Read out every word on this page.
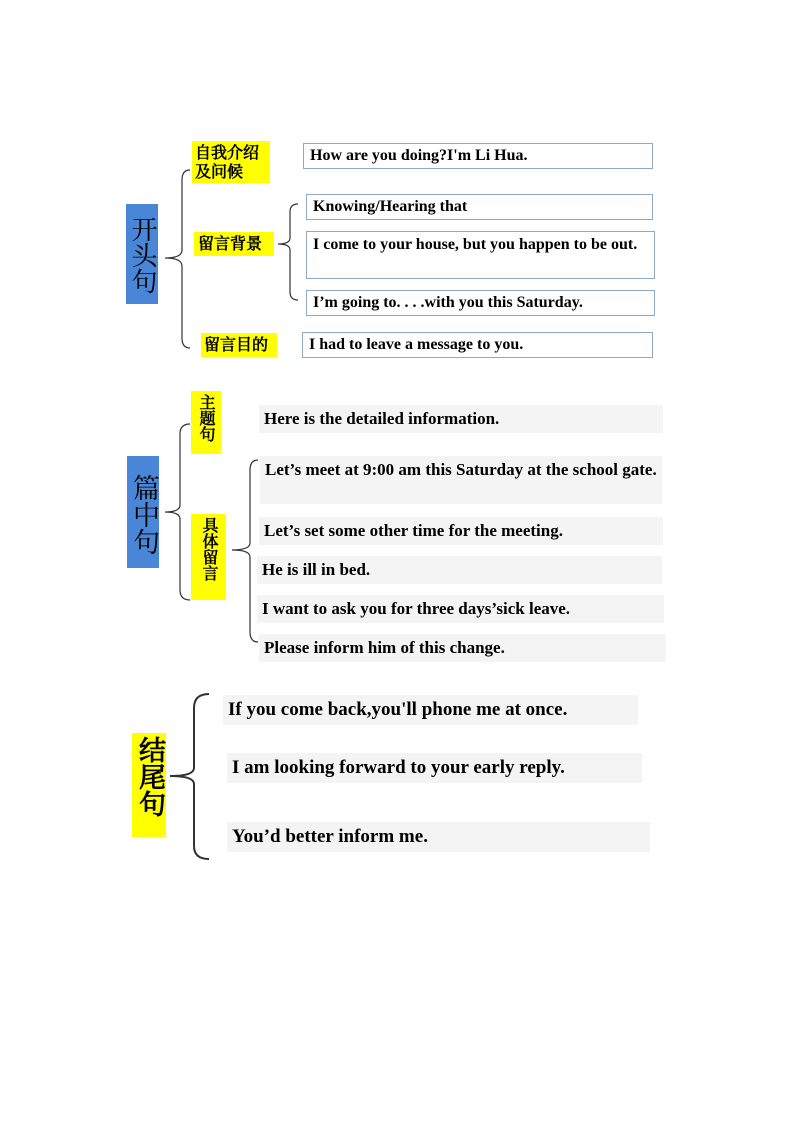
开头句
自我介绍及问候
留言背景
留言目的
How are you doing?I'm Li Hua.
Knowing/Hearing that
I come to your house, but you happen to be out.
I’m going to. . . .with you this Saturday.
I had to leave a message to you.
篇中句
主题句
具体留言
Here is the detailed information.
Let’s meet at 9:00 am this Saturday at the school gate.
Let’s set some other time for the meeting.
He is ill in bed.
I want to ask you for three days’sick leave.
Please inform him of this change.
结尾句
If you come back,you'll phone me at once.
I am looking forward to your early reply.
You’d better inform me.
